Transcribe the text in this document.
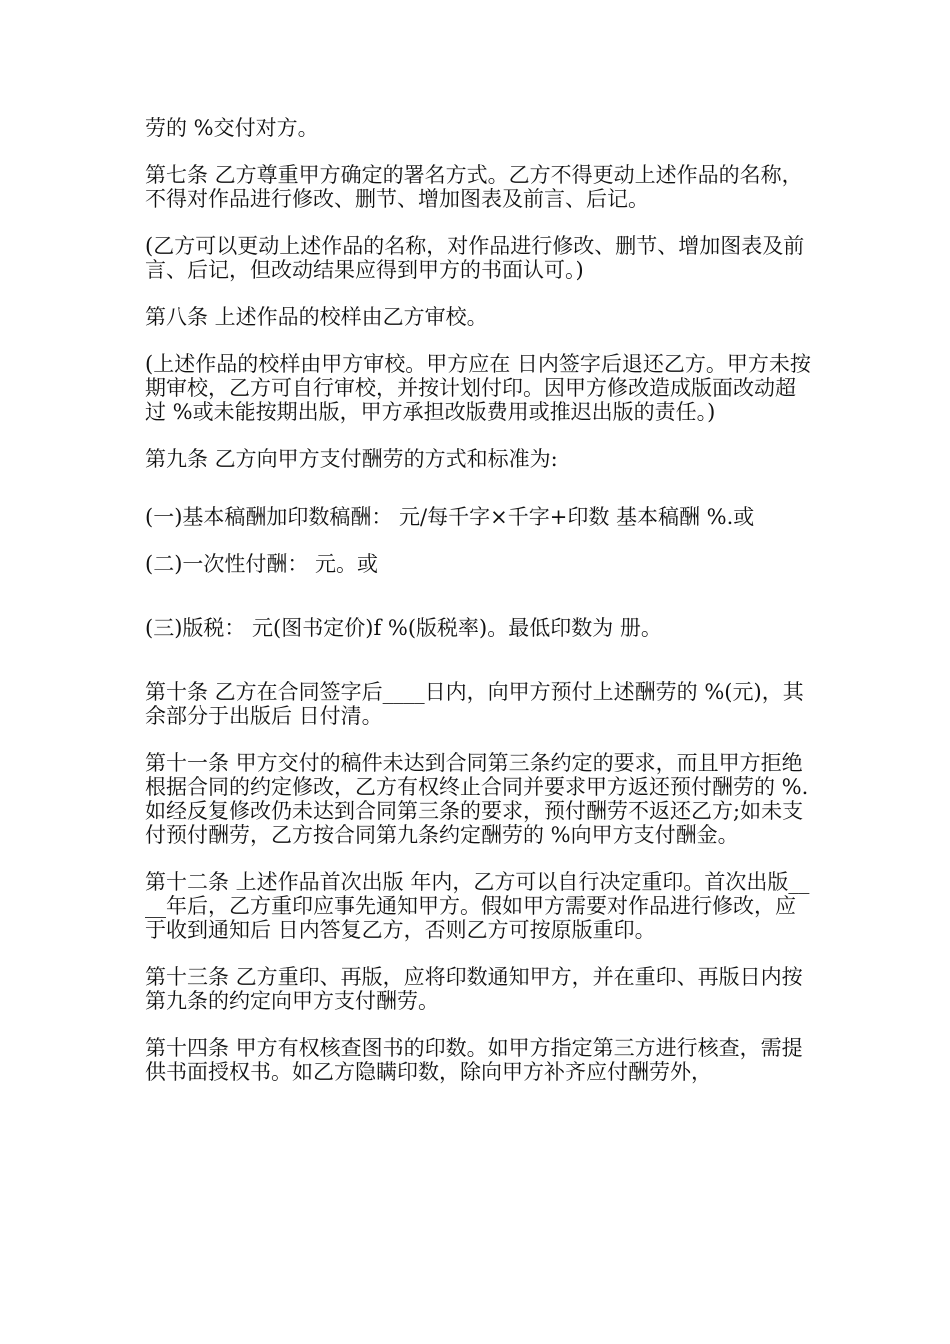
劳的 %交付对方。

第七条 乙方尊重甲方确定的署名方式。乙方不得更动上述作品的名称，不得对作品进行修改、删节、增加图表及前言、后记。

(乙方可以更动上述作品的名称，对作品进行修改、删节、增加图表及前言、后记，但改动结果应得到甲方的书面认可。)

第八条 上述作品的校样由乙方审校。

(上述作品的校样由甲方审校。甲方应在 日内签字后退还乙方。甲方未按期审校，乙方可自行审校，并按计划付印。因甲方修改造成版面改动超过 %或未能按期出版，甲方承担改版费用或推迟出版的责任。)

第九条 乙方向甲方支付酬劳的方式和标准为:

(一)基本稿酬加印数稿酬： 元/每千字×千字+印数 基本稿酬 %.或

(二)一次性付酬： 元。或

(三)版税： 元(图书定价)f %(版税率)。最低印数为 册。

第十条 乙方在合同签字后____日内，向甲方预付上述酬劳的 %(元)，其余部分于出版后 日付清。

第十一条 甲方交付的稿件未达到合同第三条约定的要求，而且甲方拒绝根据合同的约定修改，乙方有权终止合同并要求甲方返还预付酬劳的 %.如经反复修改仍未达到合同第三条的要求，预付酬劳不返还乙方;如未支付预付酬劳，乙方按合同第九条约定酬劳的 %向甲方支付酬金。

第十二条 上述作品首次出版 年内，乙方可以自行决定重印。首次出版____年后，乙方重印应事先通知甲方。假如甲方需要对作品进行修改，应于收到通知后 日内答复乙方，否则乙方可按原版重印。

第十三条 乙方重印、再版，应将印数通知甲方，并在重印、再版日内按第九条的约定向甲方支付酬劳。

第十四条 甲方有权核查图书的印数。如甲方指定第三方进行核查，需提供书面授权书。如乙方隐瞒印数，除向甲方补齐应付酬劳外，
